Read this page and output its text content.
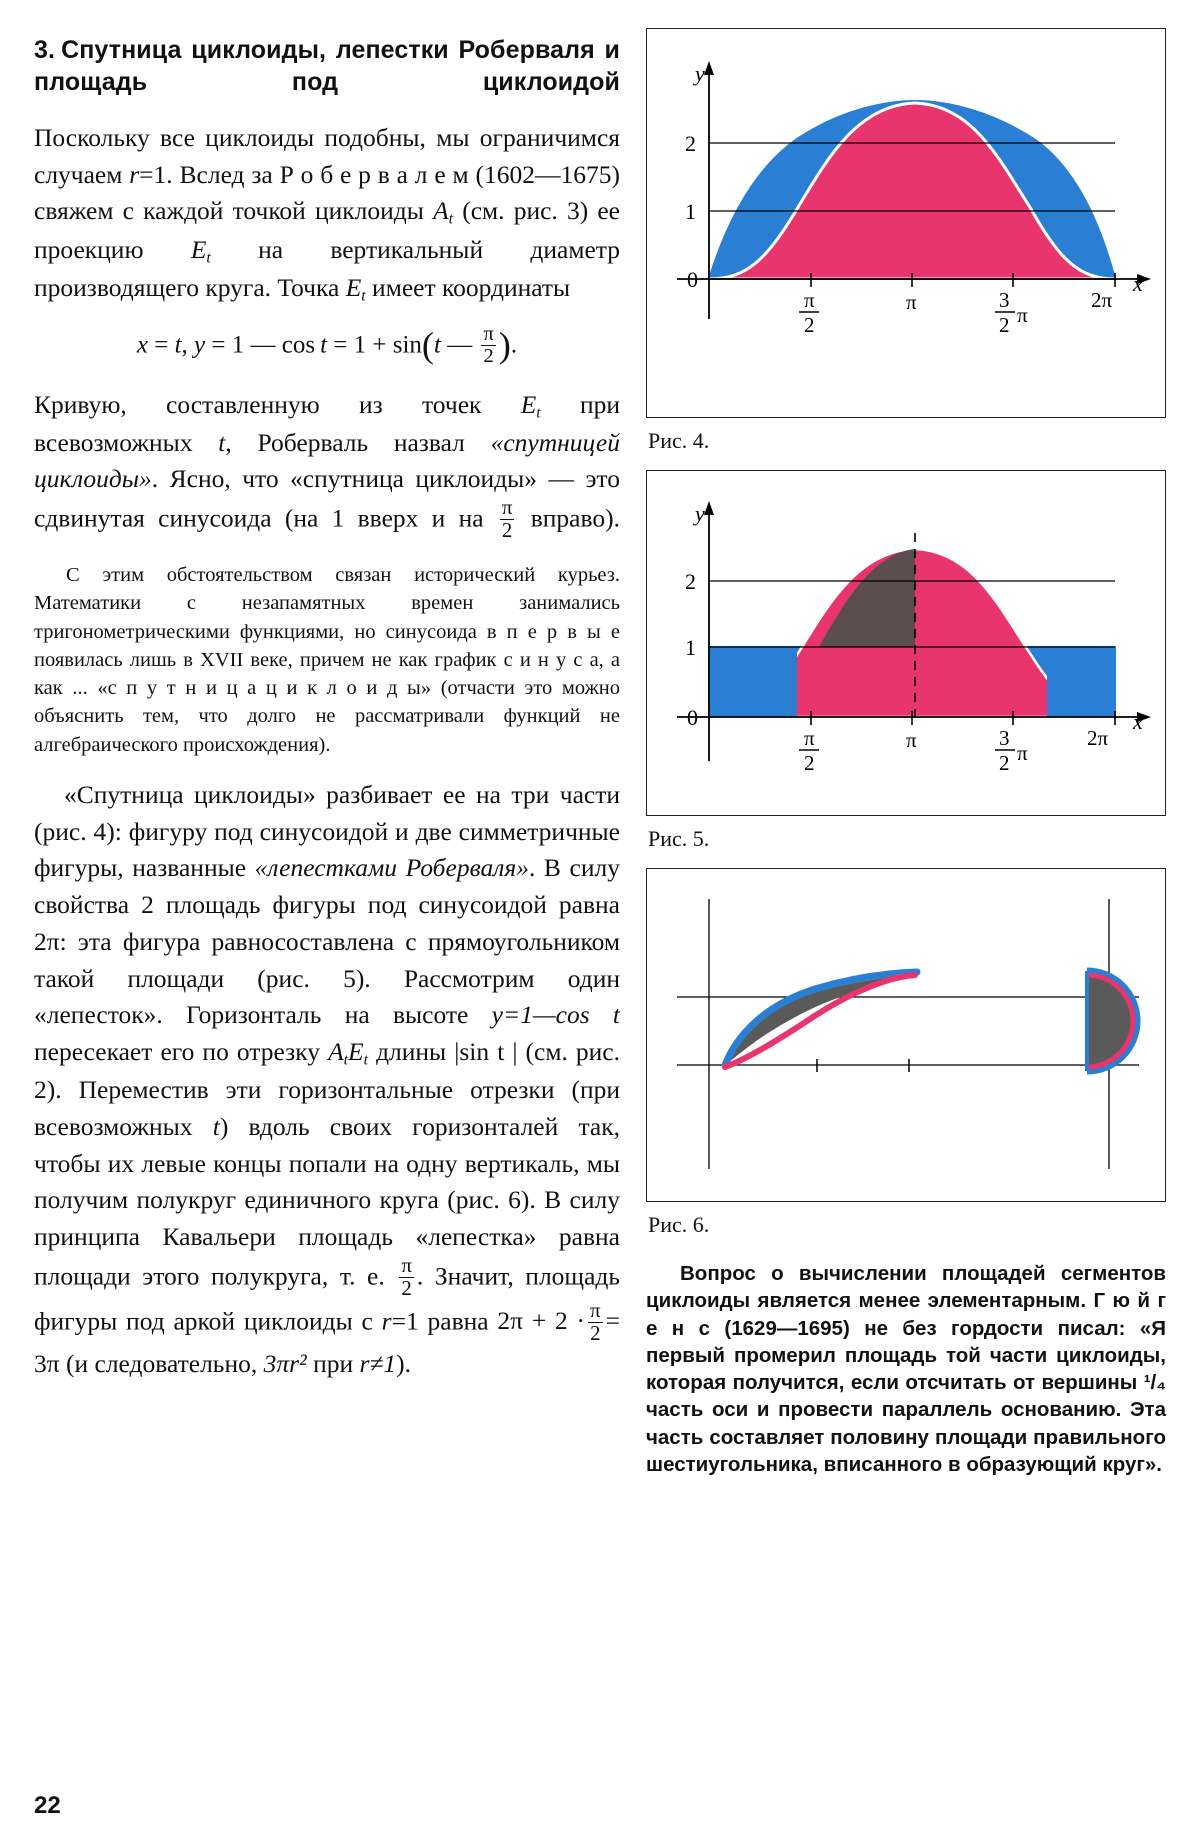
3. Спутница циклоиды, лепестки Роберваля и площадь под циклоидой

Поскольку все циклоиды подобны, мы ограничимся случаем r=1. Вслед за Р о б е р в а л е м (1602—1675) свяжем с каждой точкой циклоиды $A_t$ (см. рис. 3) ее проекцию $E_t$ на вертикальный диаметр производящего круга. Точка $E_t$ имеет координаты

x = t, y = 1 — cos t = 1 + sin(t — $\frac{\pi}{2}$ ).

Кривую, составленную из точек $E_t$ при всевозможных t, Роберваль назвал «спутницей циклоиды». Ясно, что «спутница циклоиды» — это сдвинутая синусоида (на 1 вверх и на $\frac{\pi}{2}$ вправо).

С этим обстоятельством связан исторический курьез. Математики с незапамятных времен занимались тригонометрическими функциями, но синусоида в п е р в ы е появилась лишь в XVII веке, причем не как график с и н у с а, а как ... «с п у т н и ц а ц и к л о и д ы» (отчасти это можно объяснить тем, что долго не рассматривали функций не алгебраического происхождения).

«Спутница циклоиды» разбивает ее на три части (рис. 4): фигуру под синусоидой и две симметричные фигуры, названные «лепестками Роберваля». В силу свойства 2 площадь фигуры под синусоидой равна 2π: эта фигура равносоставлена с прямоугольником такой площади (рис. 5). Рассмотрим один «лепесток». Горизонталь на высоте y=1—cos t пересекает его по отрезку $A_tE_t$ длины |sin t | (см. рис. 2). Переместив эти горизонтальные отрезки (при всевозможных t) вдоль своих горизонталей так, чтобы их левые концы попали на одну вертикаль, мы получим полукруг единичного круга (рис. 6). В силу принципа Кавальери площадь «лепестка» равна площади этого полукруга, т. е. $\frac{\pi}{2}$ . Значит, площадь фигуры под аркой циклоиды с r=1 равна $2\pi + 2 \cdot \frac{\pi}{2} = 3\pi$ (и следовательно, 3πr² при r≠1).

0
2
1
y
x
π
2
π	3
2 π
2π
Рис. 4.
0
2
1
y
x
π
2
π	3
2 π
2π
Рис. 5.
Рис. 6.

Вопрос о вычислении площадей сегментов циклоиды является менее элементарным. Г ю й г е н с (1629—1695) не без гордости писал: «Я первый промерил площадь той части циклоиды, которая получится, если отсчитать от вершины ¹/₄ часть оси и провести параллель основанию. Эта часть составляет половину площади правильного шестиугольника, вписанного в образующий круг».

22
